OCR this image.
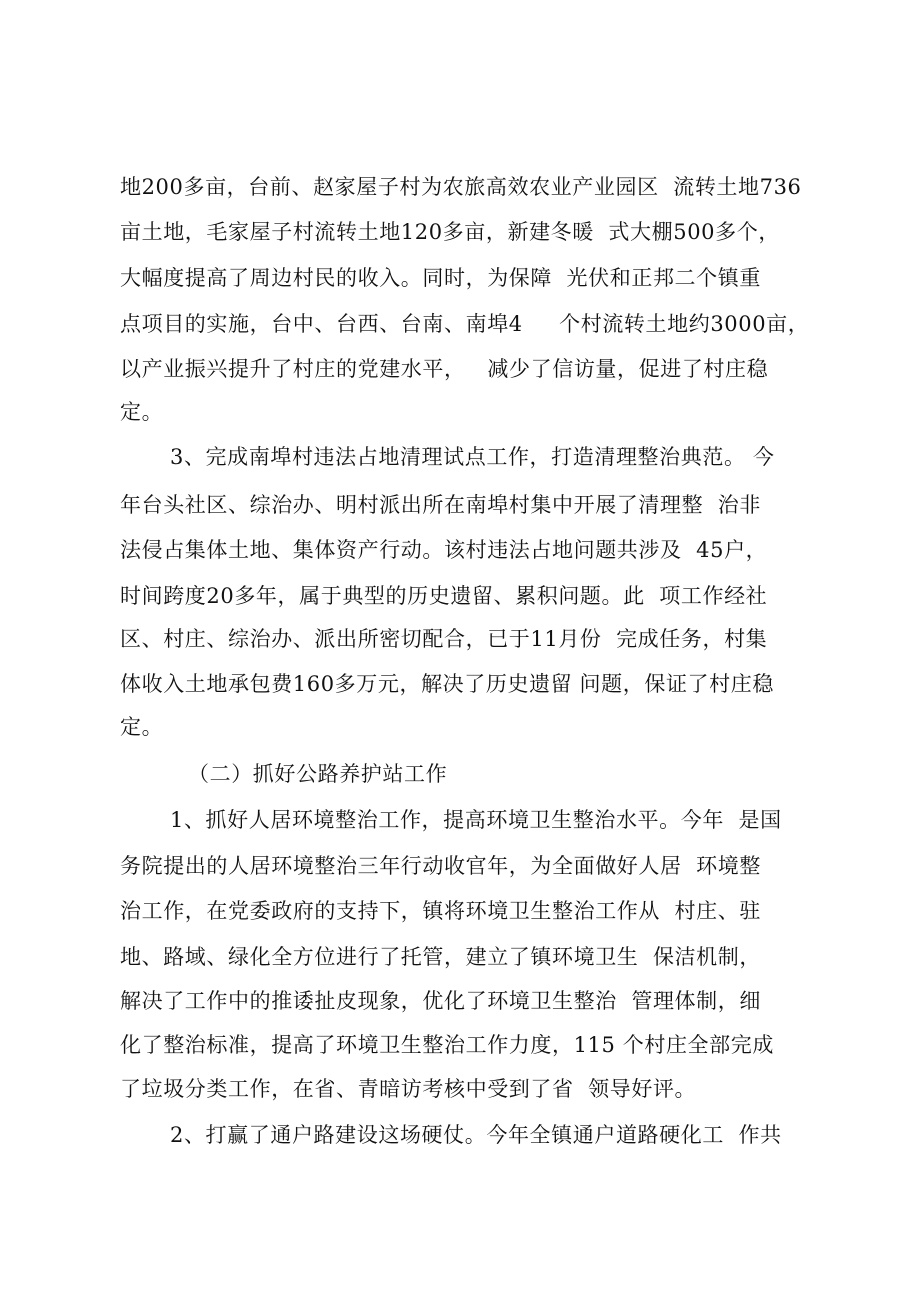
地200多亩，台前、赵家屋子村为农旅高效农业产业园区  流转土地736
亩土地，毛家屋子村流转土地120多亩，新建冬暖  式大棚500多个，
大幅度提高了周边村民的收入。同时，为保障  光伏和正邦二个镇重
点项目的实施，台中、台西、台南、南埠4     个村流转土地约3000亩，
以产业振兴提升了村庄的党建水平，   减少了信访量，促进了村庄稳
定。
3、完成南埠村违法占地清理试点工作，打造清理整治典范。 今
年台头社区、综治办、明村派出所在南埠村集中开展了清理整  治非
法侵占集体土地、集体资产行动。该村违法占地问题共涉及  45户，
时间跨度20多年，属于典型的历史遗留、累积问题。此  项工作经社
区、村庄、综治办、派出所密切配合，已于11月份  完成任务，村集
体收入土地承包费160多万元，解决了历史遗留 问题，保证了村庄稳
定。
（二）抓好公路养护站工作
1、抓好人居环境整治工作，提高环境卫生整治水平。今年  是国
务院提出的人居环境整治三年行动收官年，为全面做好人居  环境整
治工作，在党委政府的支持下，镇将环境卫生整治工作从  村庄、驻
地、路域、绿化全方位进行了托管，建立了镇环境卫生  保洁机制，
解决了工作中的推诿扯皮现象，优化了环境卫生整治  管理体制，细
化了整治标准，提高了环境卫生整治工作力度，115 个村庄全部完成
了垃圾分类工作，在省、青暗访考核中受到了省  领导好评。
2、打赢了通户路建设这场硬仗。今年全镇通户道路硬化工  作共
